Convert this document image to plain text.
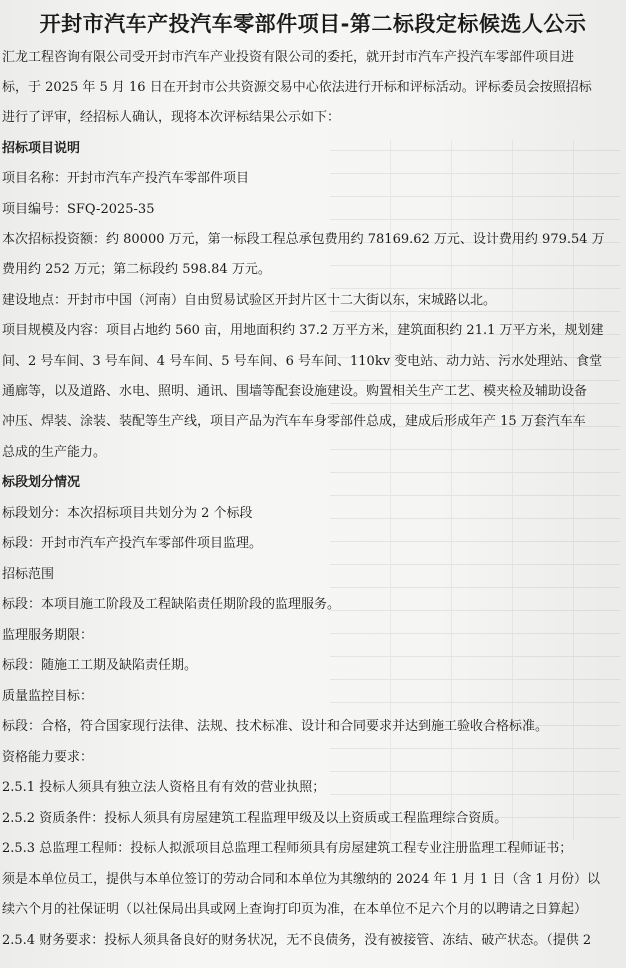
开封市汽车产投汽车零部件项目-第二标段定标候选人公示
汇龙工程咨询有限公司受开封市汽车产业投资有限公司的委托，就开封市汽车产投汽车零部件项目进
标，于 2025 年 5 月 16 日在开封市公共资源交易中心依法进行开标和评标活动。评标委员会按照招标
进行了评审，经招标人确认，现将本次评标结果公示如下：
招标项目说明
项目名称：开封市汽车产投汽车零部件项目
项目编号：SFQ-2025-35
本次招标投资额：约 80000 万元，第一标段工程总承包费用约 78169.62 万元、设计费用约 979.54 万
费用约 252 万元；第二标段约 598.84 万元。
建设地点：开封市中国（河南）自由贸易试验区开封片区十二大街以东，宋城路以北。
项目规模及内容：项目占地约 560 亩，用地面积约 37.2 万平方米，建筑面积约 21.1 万平方米，规划建
间、2 号车间、3 号车间、4 号车间、5 号车间、6 号车间、110kv 变电站、动力站、污水处理站、食堂
通廊等，以及道路、水电、照明、通讯、围墙等配套设施建设。购置相关生产工艺、模夹检及辅助设备
冲压、焊装、涂装、装配等生产线，项目产品为汽车车身零部件总成，建成后形成年产 15 万套汽车车
总成的生产能力。
标段划分情况
标段划分：本次招标项目共划分为 2 个标段
标段：开封市汽车产投汽车零部件项目监理。
招标范围
标段：本项目施工阶段及工程缺陷责任期阶段的监理服务。
监理服务期限：
标段：随施工工期及缺陷责任期。
质量监控目标：
标段：合格，符合国家现行法律、法规、技术标准、设计和合同要求并达到施工验收合格标准。
资格能力要求：
2.5.1 投标人须具有独立法人资格且有有效的营业执照；
2.5.2 资质条件：投标人须具有房屋建筑工程监理甲级及以上资质或工程监理综合资质。
2.5.3 总监理工程师：投标人拟派项目总监理工程师须具有房屋建筑工程专业注册监理工程师证书；
须是本单位员工，提供与本单位签订的劳动合同和本单位为其缴纳的 2024 年 1 月 1 日（含 1 月份）以
续六个月的社保证明（以社保局出具或网上查询打印页为准，在本单位不足六个月的以聘请之日算起）
2.5.4 财务要求：投标人须具备良好的财务状况，无不良债务，没有被接管、冻结、破产状态。（提供 2
